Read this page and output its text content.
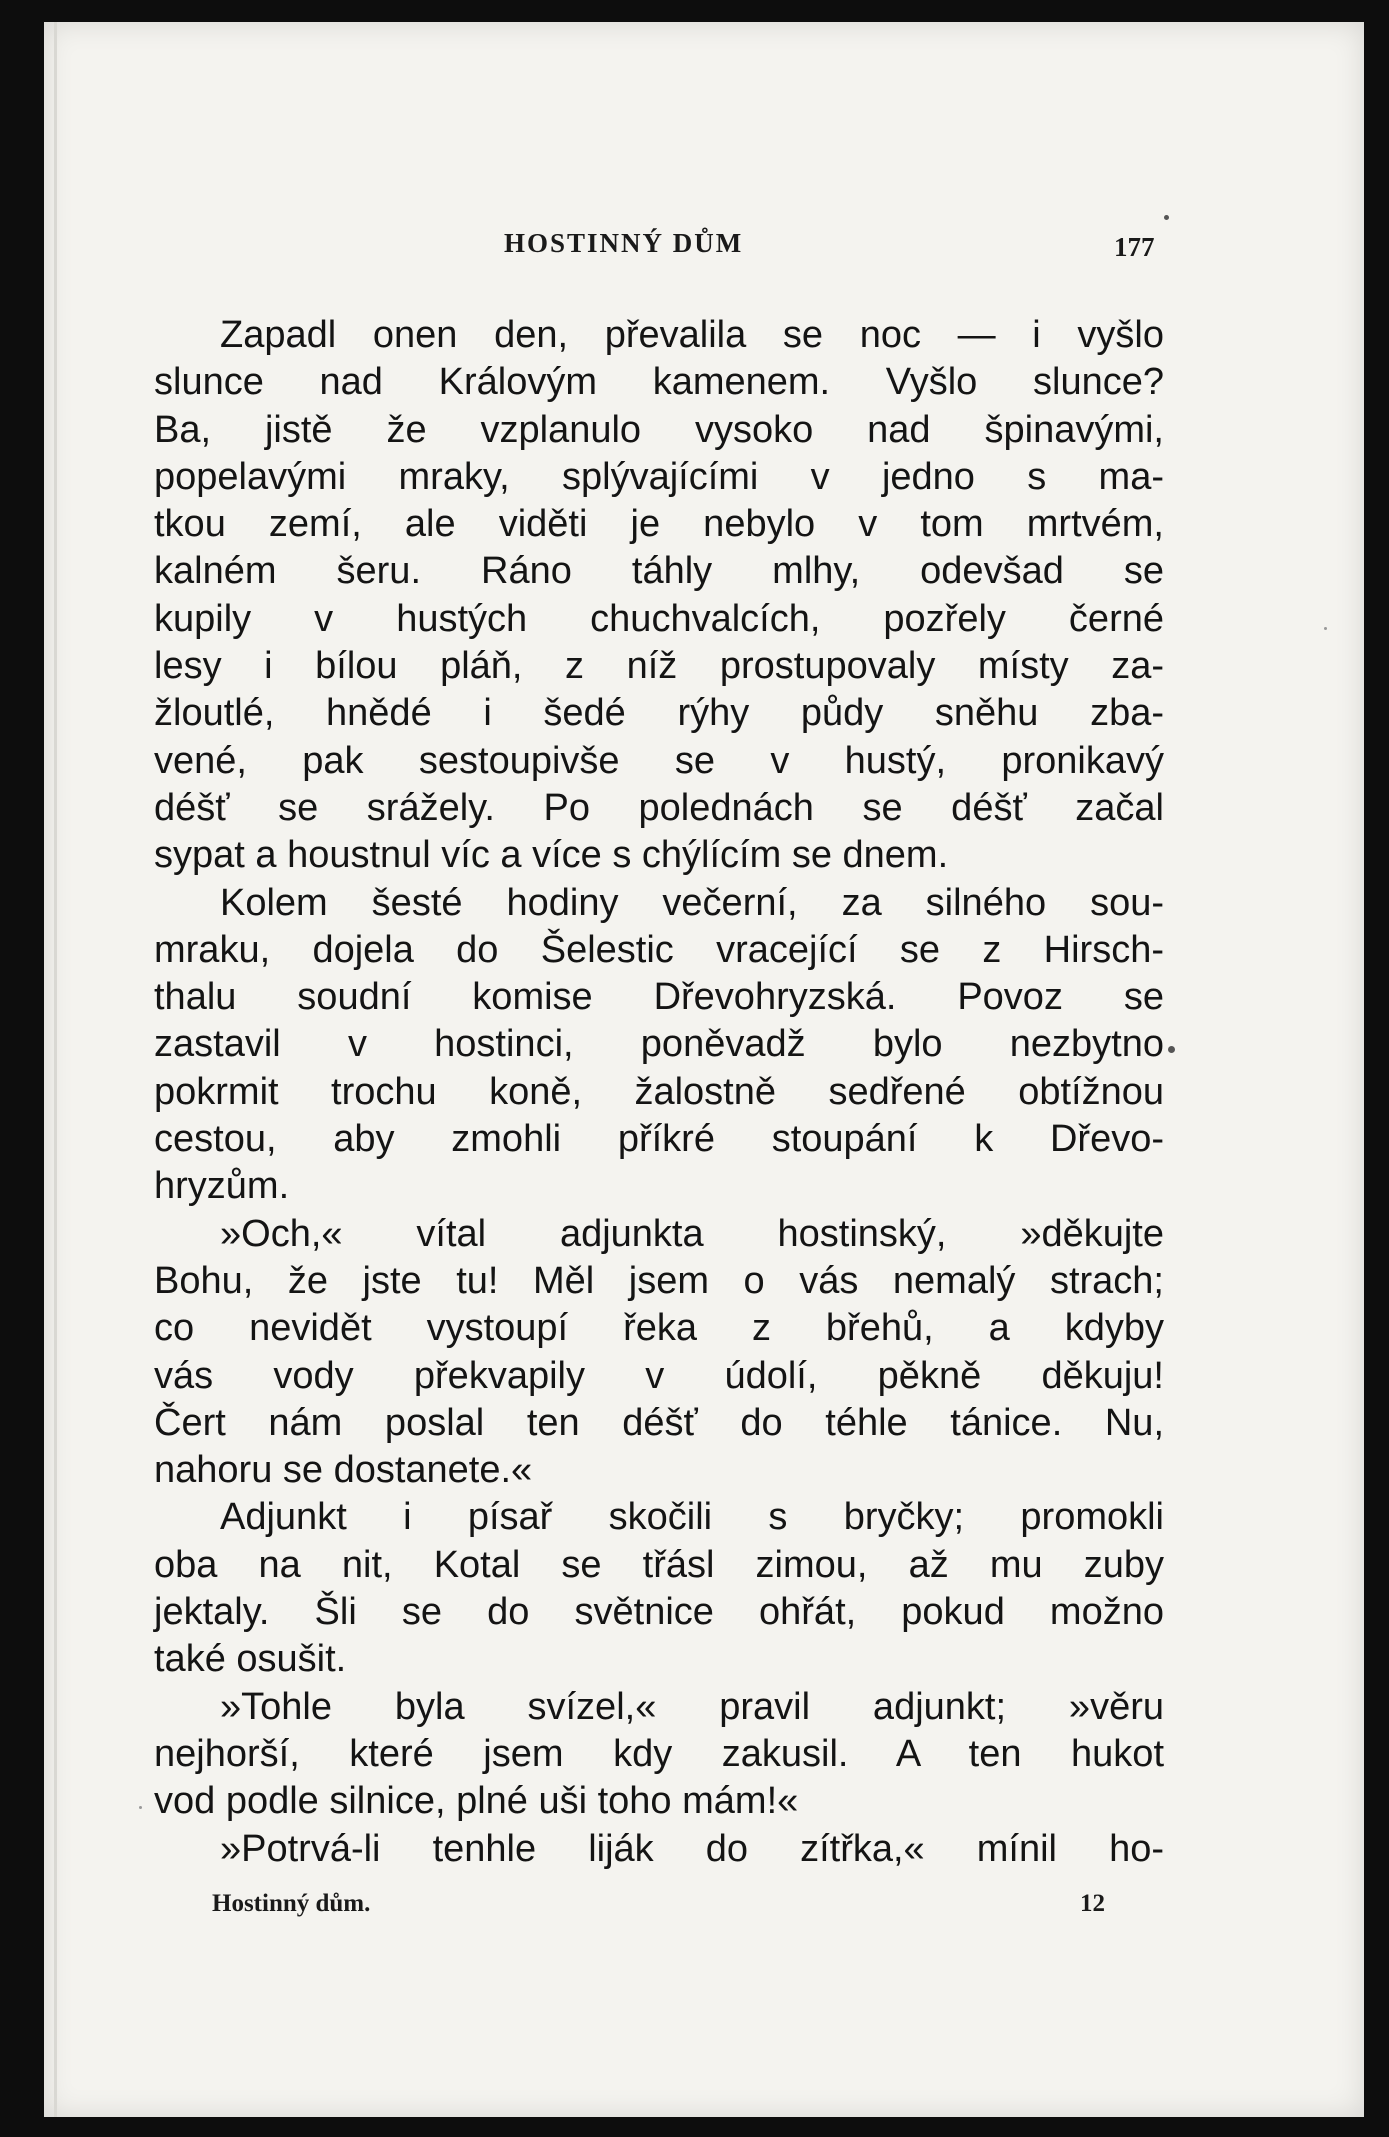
HOSTINNÝ DŮM	177
Zapadl onen den, převalila se noc — i vyšlo
slunce nad Královým kamenem. Vyšlo slunce?
Ba, jistě že vzplanulo vysoko nad špinavými,
popelavými mraky, splývajícími v jedno s ma-
tkou zemí, ale viděti je nebylo v tom mrtvém,
kalném šeru. Ráno táhly mlhy, odevšad se
kupily v hustých chuchvalcích, pozřely černé
lesy i bílou pláň, z níž prostupovaly místy za-
žloutlé, hnědé i šedé rýhy půdy sněhu zba-
vené, pak sestoupivše se v hustý, pronikavý
déšť se srážely. Po polednách se déšť začal
sypat a houstnul víc a více s chýlícím se dnem.
Kolem šesté hodiny večerní, za silného sou-
mraku, dojela do Šelestic vracející se z Hirsch-
thalu soudní komise Dřevohryzská. Povoz se
zastavil v hostinci, poněvadž bylo nezbytno
pokrmit trochu koně, žalostně sedřené obtížnou
cestou, aby zmohli příkré stoupání k Dřevo-
hryzům.
»Och,« vítal adjunkta hostinský, »děkujte
Bohu, že jste tu! Měl jsem o vás nemalý strach;
co nevidět vystoupí řeka z břehů, a kdyby
vás vody překvapily v údolí, pěkně děkuju!
Čert nám poslal ten déšť do téhle tánice. Nu,
nahoru se dostanete.«
Adjunkt i písař skočili s bryčky; promokli
oba na nit, Kotal se třásl zimou, až mu zuby
jektaly. Šli se do světnice ohřát, pokud možno
také osušit.
»Tohle byla svízel,« pravil adjunkt; »věru
nejhorší, které jsem kdy zakusil. A ten hukot
vod podle silnice, plné uši toho mám!«
»Potrvá-li tenhle liják do zítřka,« mínil ho-
Hostinný dům.	12
